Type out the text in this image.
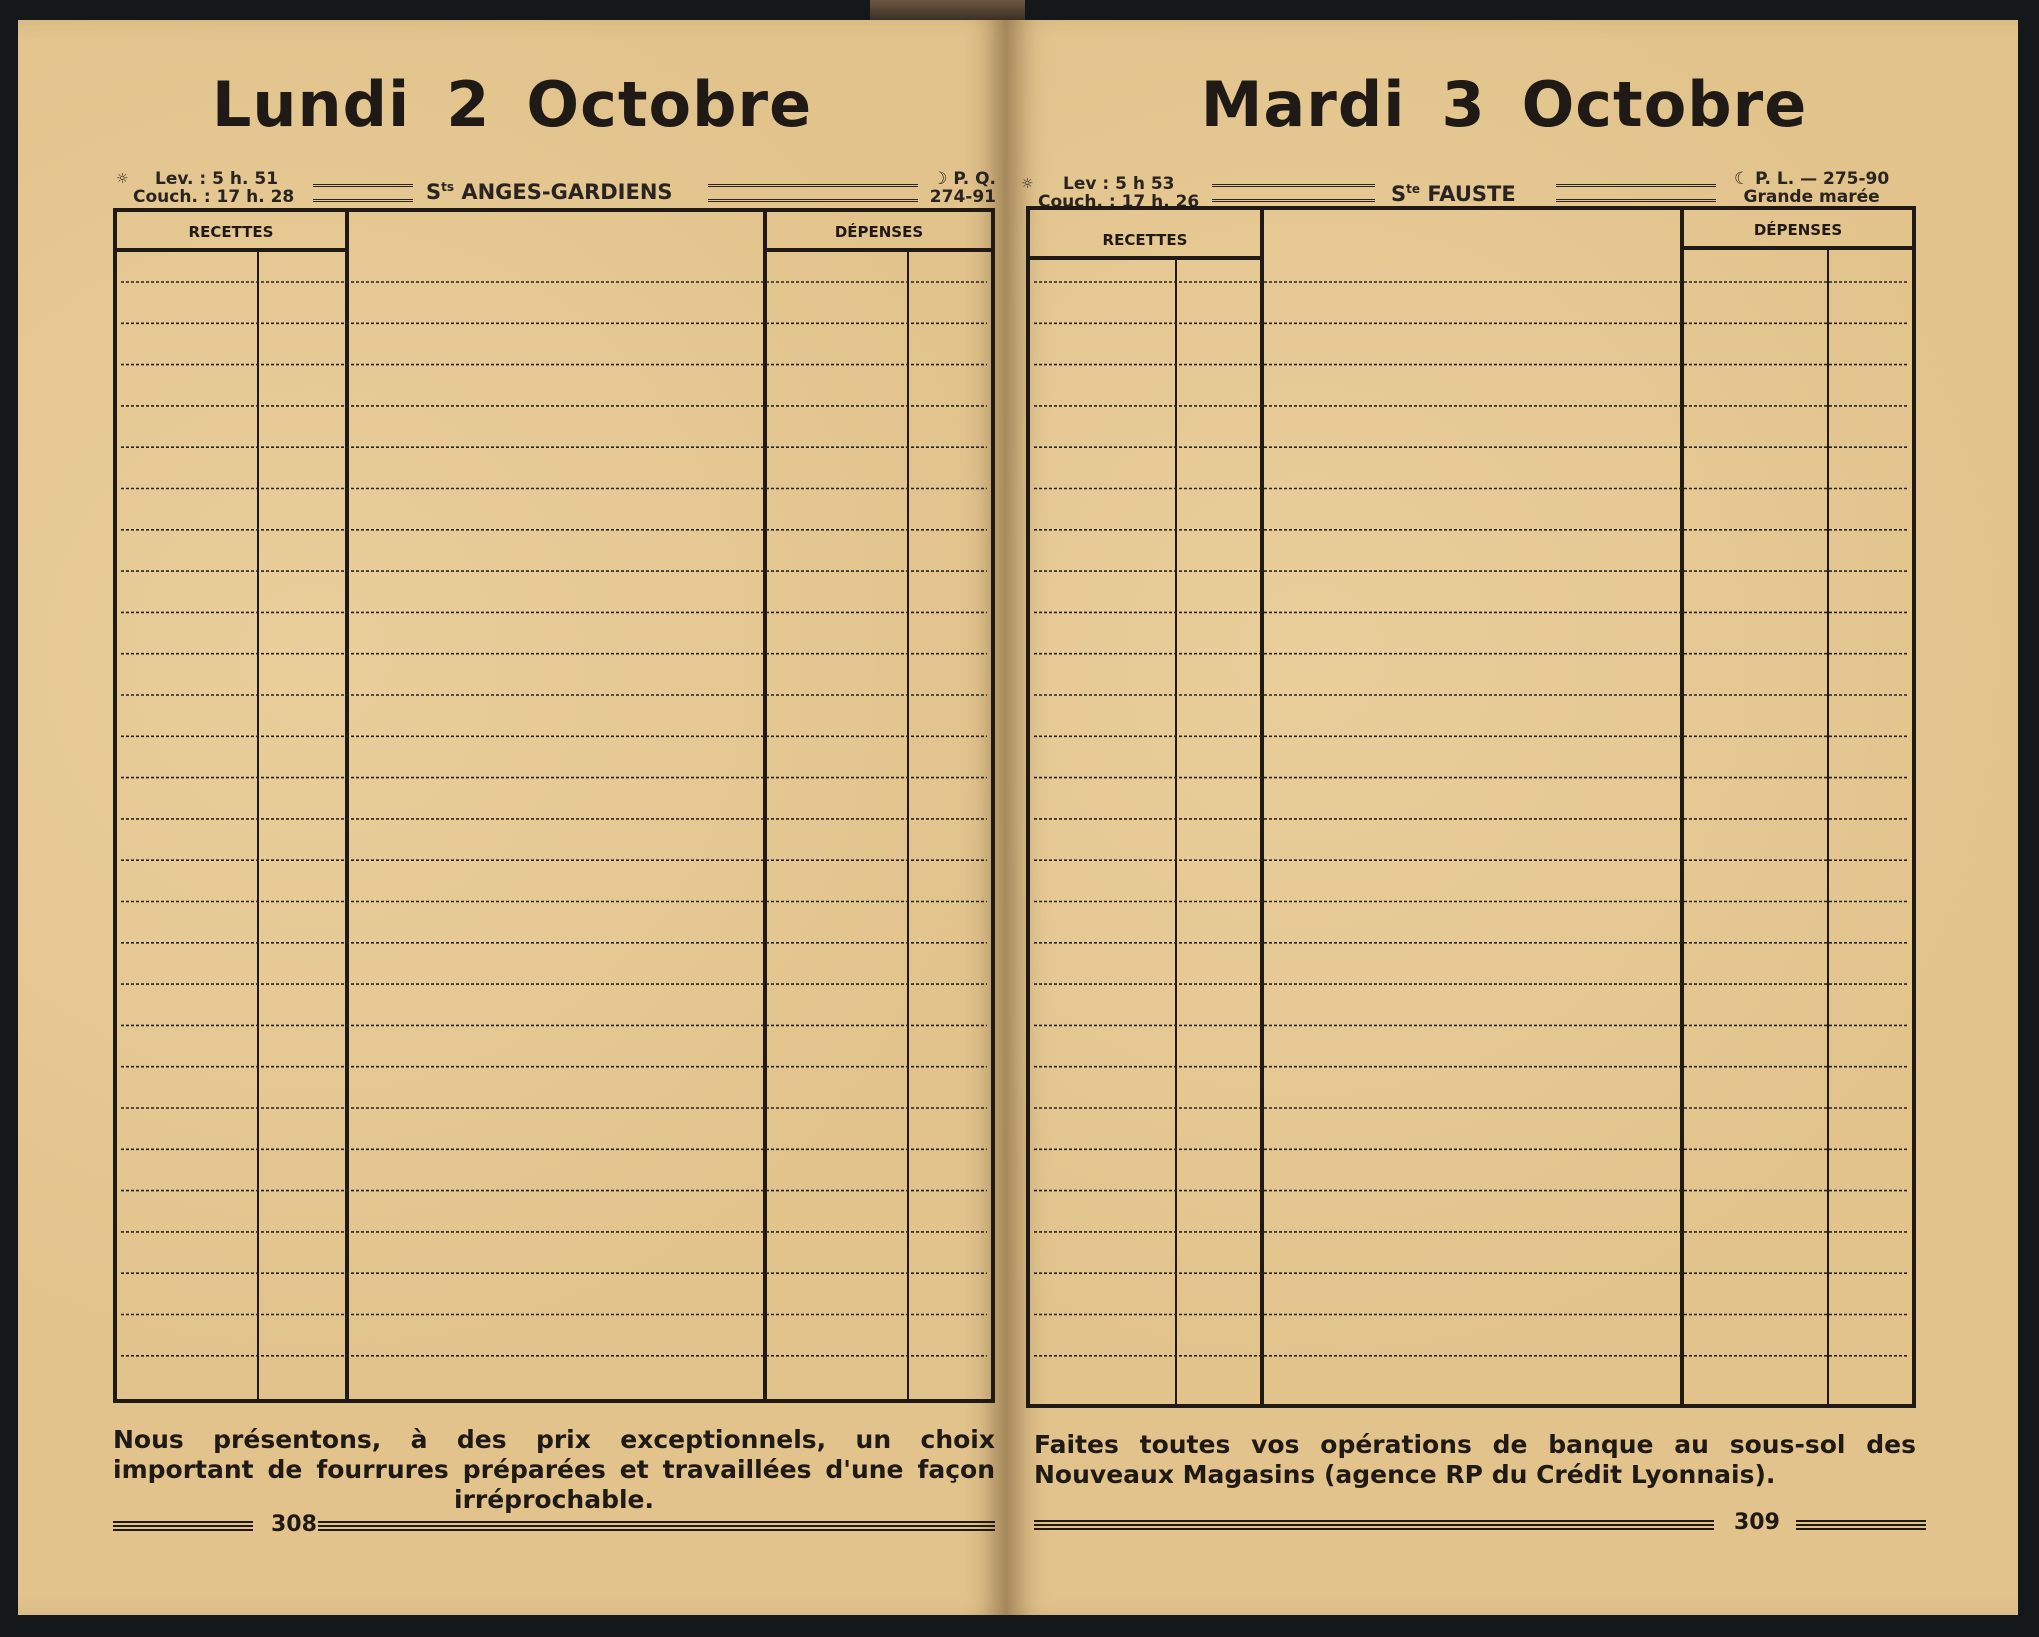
Lundi 2 Octobre
☼	Lev. : 5 h. 51
Couch. : 17 h. 28	$S^{ts}$ ANGES-GARDIENS
☽ P. Q.
274-91
RECETTES	DÉPENSES
Nous présentons, à des prix exceptionnels, un choix important de fourrures préparées et travaillées d'une façon irréprochable.
308
Mardi 3 Octobre
☼	Lev : 5 h 53
Couch. : 17 h. 26	$S^{te}$ FAUSTE
☾ P. L. — 275-90
Grande marée
RECETTES
DÉPENSES
Faites toutes vos opérations de banque au sous-sol des Nouveaux Magasins (agence RP du Crédit Lyonnais).
309
